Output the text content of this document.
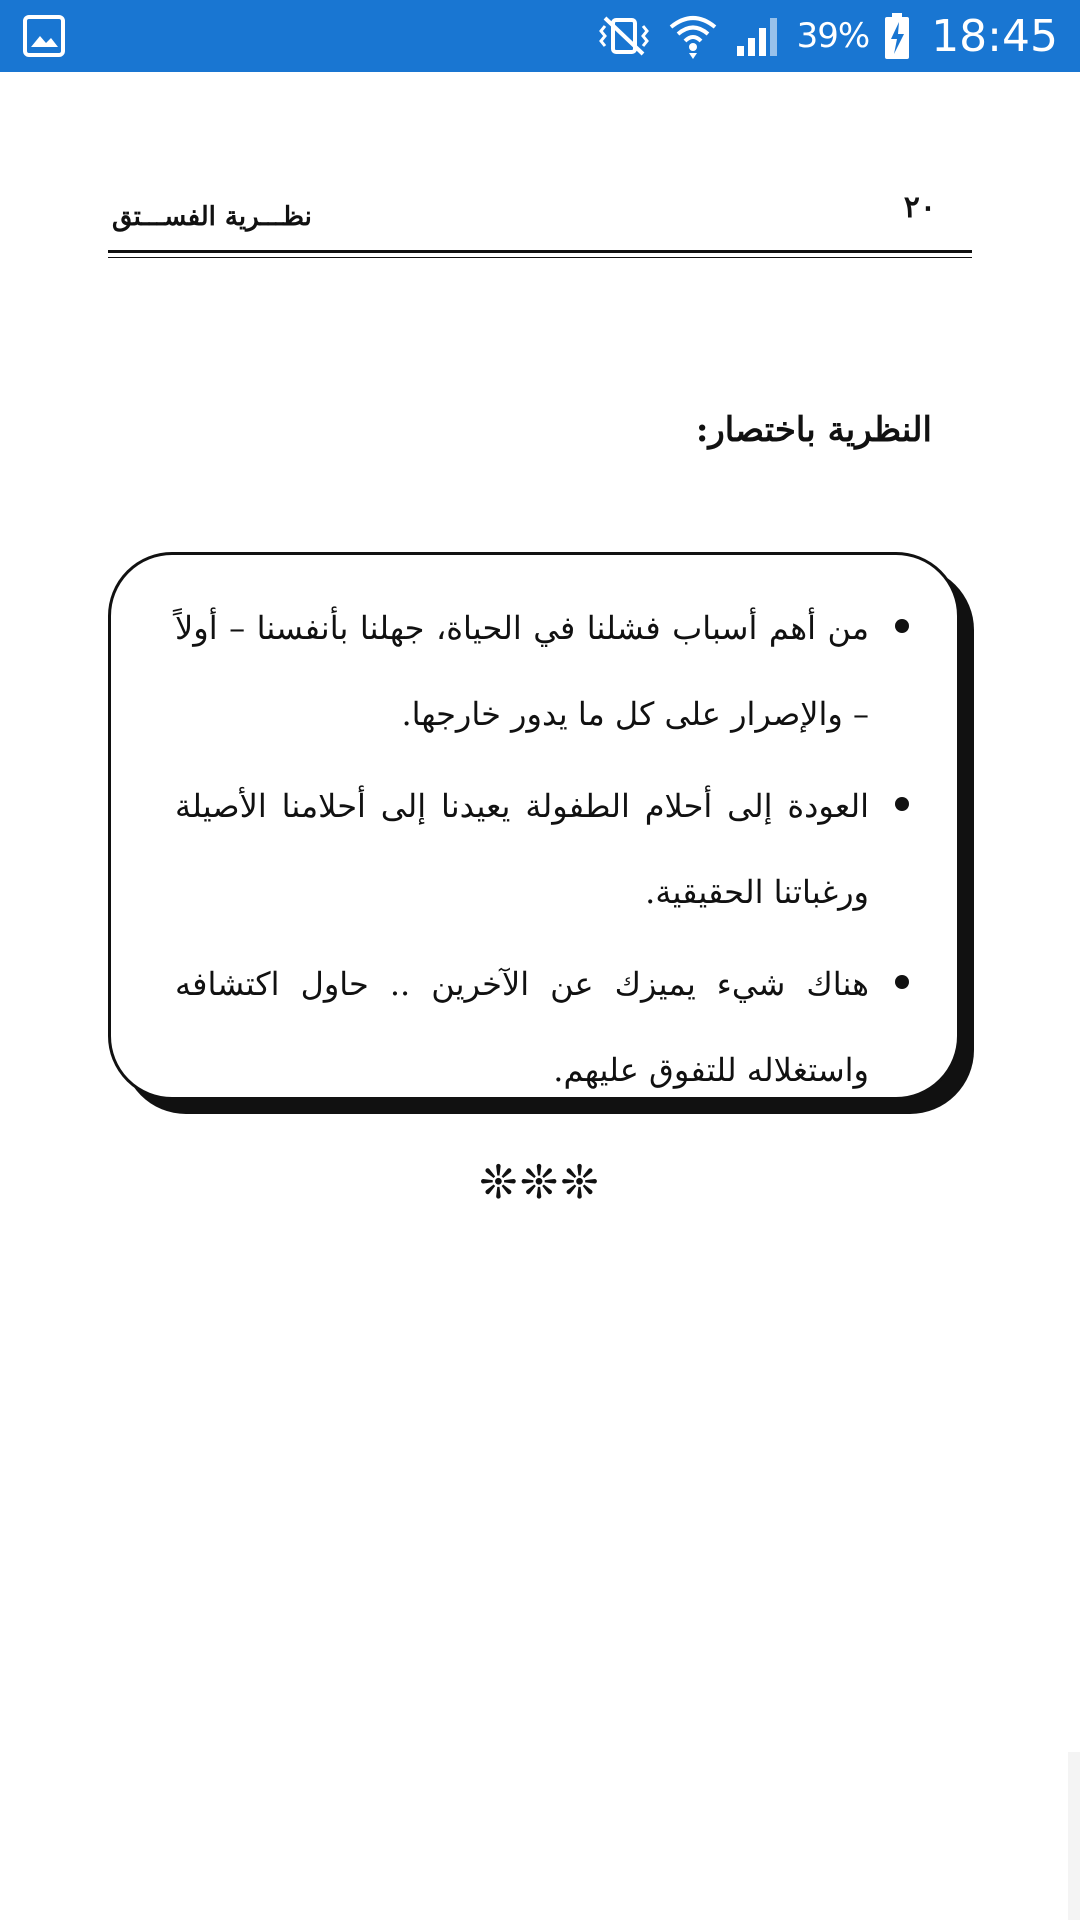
39% 18:45
٢٠
نظـــرية الفســـتق
النظرية باختصار:
من أهم أسباب فشلنا في الحياة، جهلنا بأنفسنا – أولاً – والإصرار على كل ما يدور خارجها.
العودة إلى أحلام الطفولة يعيدنا إلى أحلامنا الأصيلة ورغباتنا الحقيقية.
هناك شيء يميزك عن الآخرين .. حاول اكتشافه واستغلاله للتفوق عليهم.
❊❊❊
